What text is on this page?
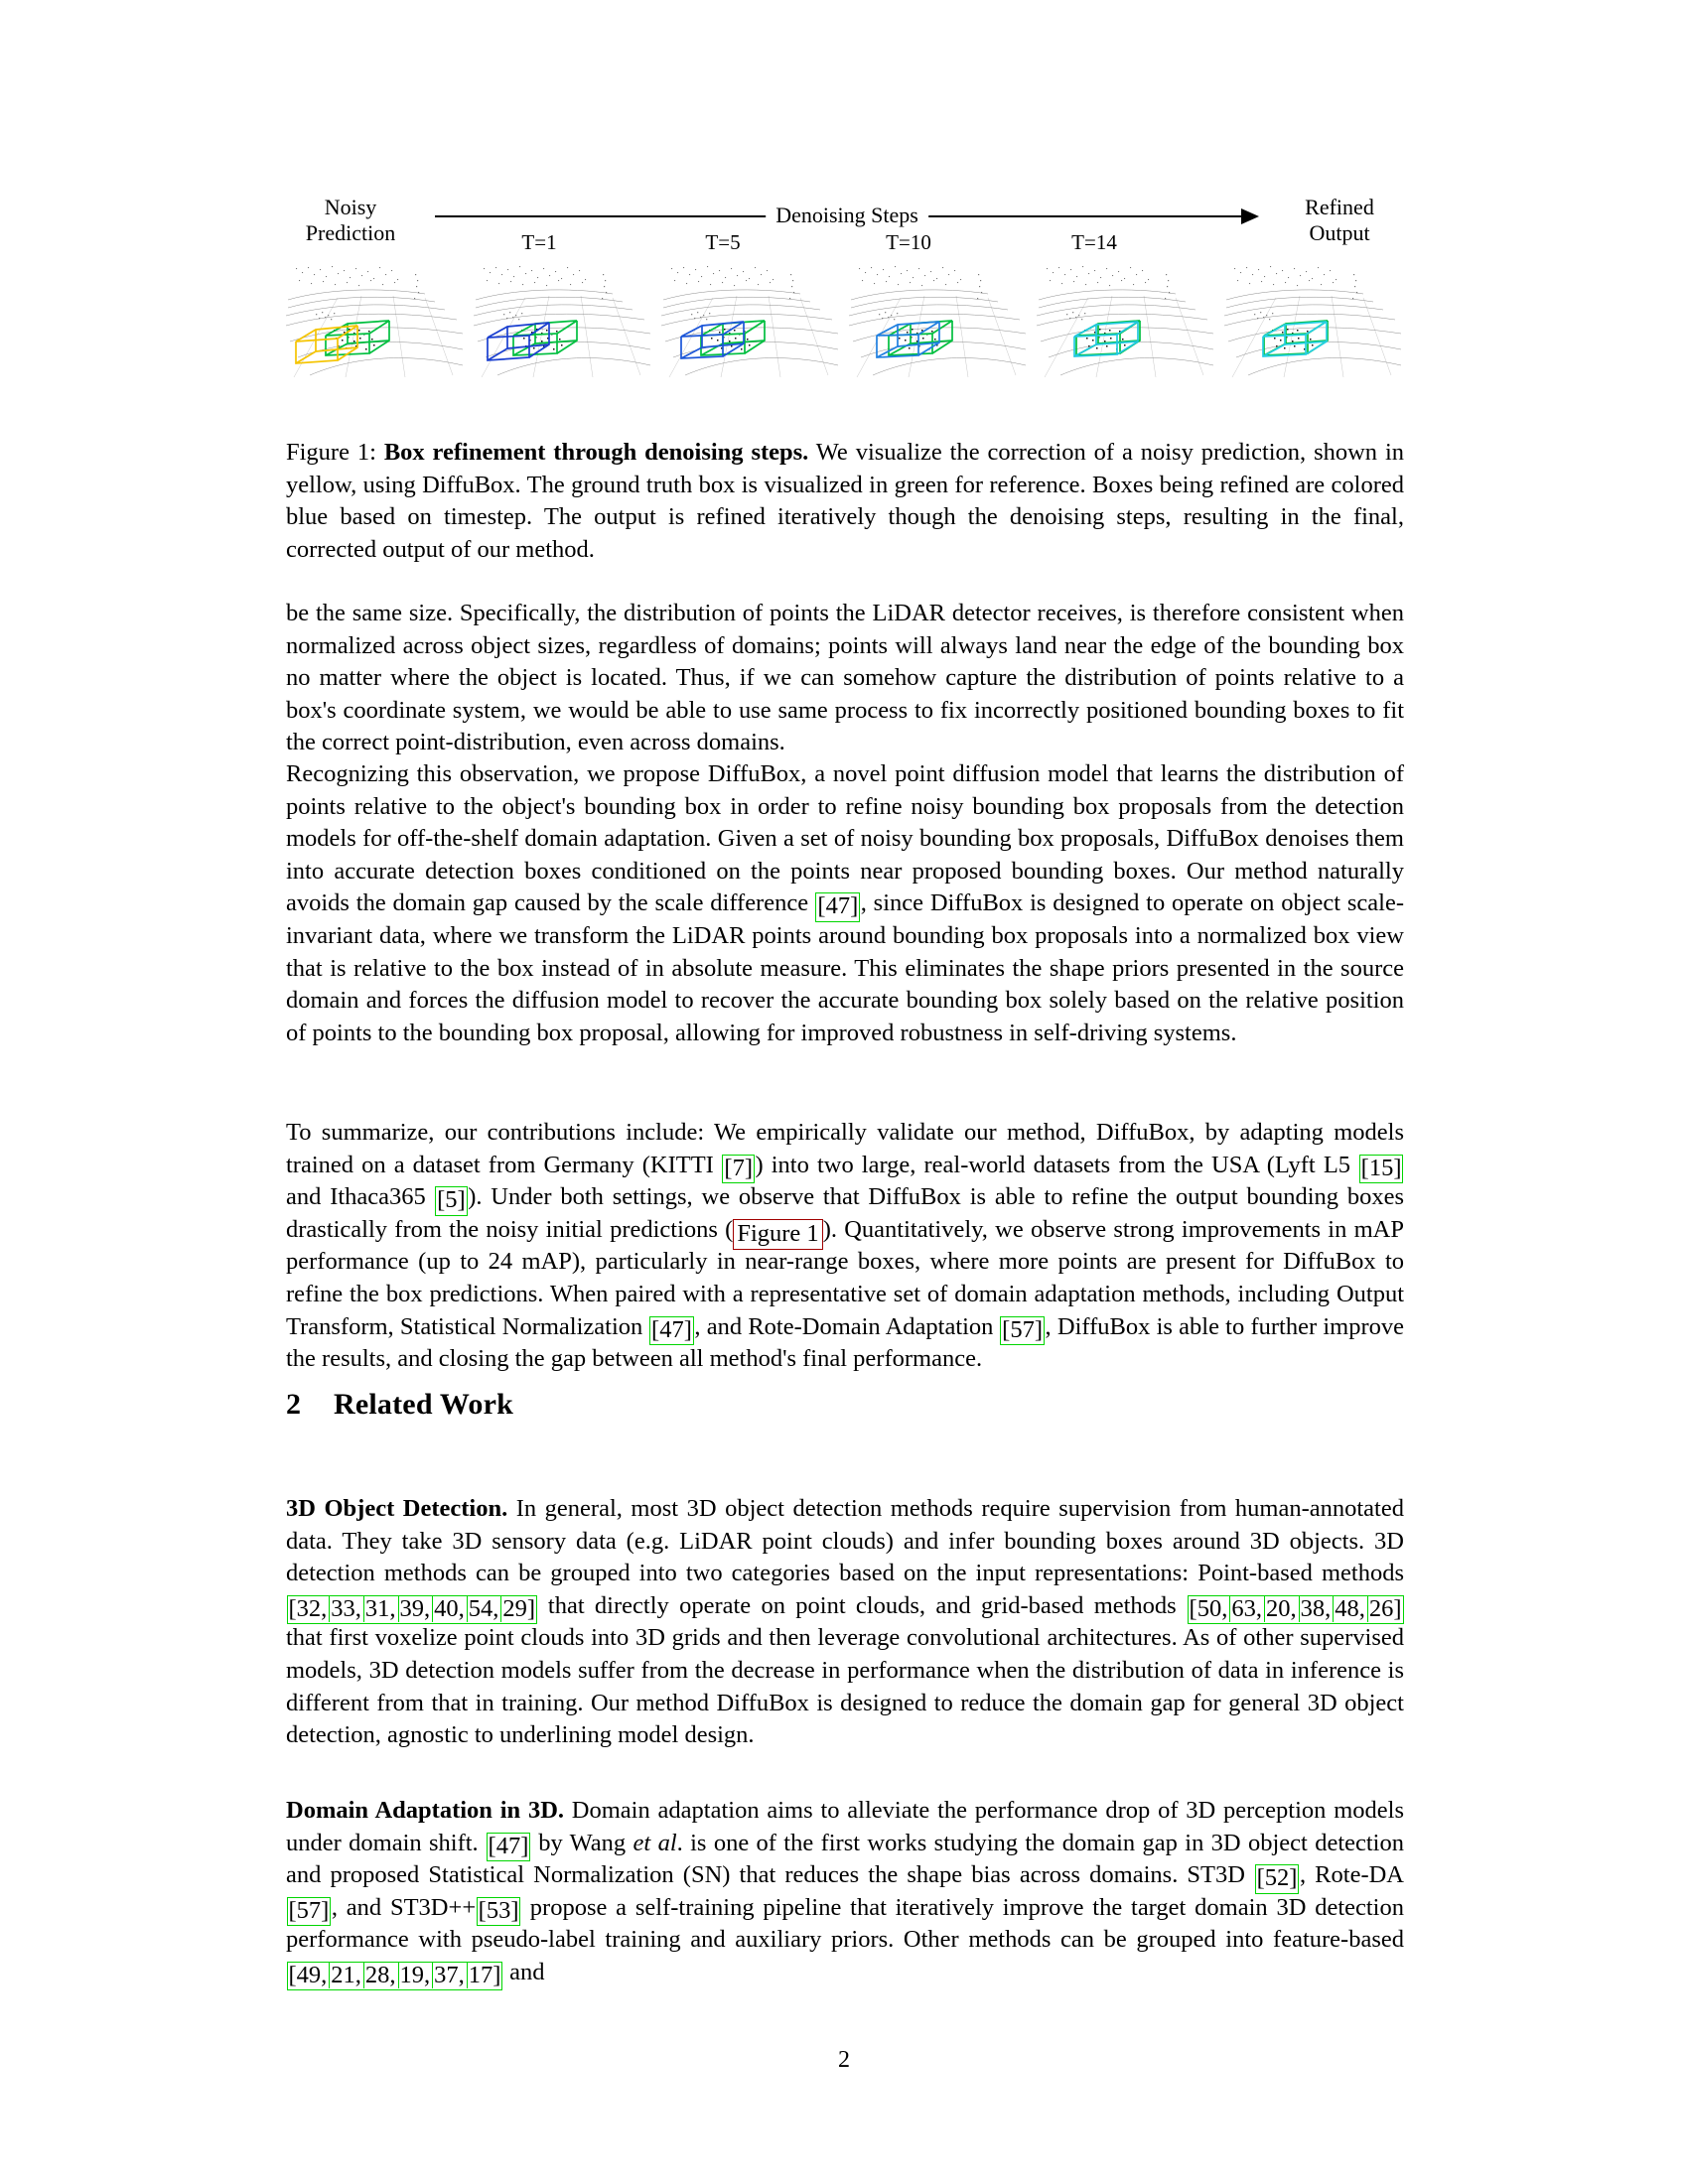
Noisy
Prediction
Denoising Steps
T=1	T=5	T=10	T=14
Refined
Output
Figure 1: Box refinement through denoising steps. We visualize the correction of a noisy prediction, shown in yellow, using DiffuBox. The ground truth box is visualized in green for reference. Boxes being refined are colored blue based on timestep. The output is refined iteratively though the denoising steps, resulting in the final, corrected output of our method.

be the same size. Specifically, the distribution of points the LiDAR detector receives, is therefore consistent when normalized across object sizes, regardless of domains; points will always land near the edge of the bounding box no matter where the object is located. Thus, if we can somehow capture the distribution of points relative to a box's coordinate system, we would be able to use same process to fix incorrectly positioned bounding boxes to fit the correct point-distribution, even across domains.

Recognizing this observation, we propose DiffuBox, a novel point diffusion model that learns the distribution of points relative to the object's bounding box in order to refine noisy bounding box proposals from the detection models for off-the-shelf domain adaptation. Given a set of noisy bounding box proposals, DiffuBox denoises them into accurate detection boxes conditioned on the points near proposed bounding boxes. Our method naturally avoids the domain gap caused by the scale difference [47] , since DiffuBox is designed to operate on object scale-invariant data, where we transform the LiDAR points around bounding box proposals into a normalized box view that is relative to the box instead of in absolute measure. This eliminates the shape priors presented in the source domain and forces the diffusion model to recover the accurate bounding box solely based on the relative position of points to the bounding box proposal, allowing for improved robustness in self-driving systems.

To summarize, our contributions include: We empirically validate our method, DiffuBox, by adapting models trained on a dataset from Germany (KITTI [7] ) into two large, real-world datasets from the USA (Lyft L5 [15] and Ithaca365 [5] ). Under both settings, we observe that DiffuBox is able to refine the output bounding boxes drastically from the noisy initial predictions ( Figure 1 ). Quantitatively, we observe strong improvements in mAP performance (up to 24 mAP), particularly in near-range boxes, where more points are present for DiffuBox to refine the box predictions. When paired with a representative set of domain adaptation methods, including Output Transform, Statistical Normalization [47] , and Rote-Domain Adaptation [57] , DiffuBox is able to further improve the results, and closing the gap between all method's final performance.

2 Related Work

3D Object Detection. In general, most 3D object detection methods require supervision from human-annotated data. They take 3D sensory data (e.g. LiDAR point clouds) and infer bounding boxes around 3D objects. 3D detection methods can be grouped into two categories based on the input representations: Point-based methods [32, 33, 31, 39, 40, 54, 29] that directly operate on point clouds, and grid-based methods [50, 63, 20, 38, 48, 26] that first voxelize point clouds into 3D grids and then leverage convolutional architectures. As of other supervised models, 3D detection models suffer from the decrease in performance when the distribution of data in inference is different from that in training. Our method DiffuBox is designed to reduce the domain gap for general 3D object detection, agnostic to underlining model design.

Domain Adaptation in 3D. Domain adaptation aims to alleviate the performance drop of 3D perception models under domain shift. [47] by Wang et al. is one of the first works studying the domain gap in 3D object detection and proposed Statistical Normalization (SN) that reduces the shape bias across domains. ST3D [52] , Rote-DA [57] , and ST3D++ [53] propose a self-training pipeline that iteratively improve the target domain 3D detection performance with pseudo-label training and auxiliary priors. Other methods can be grouped into feature-based [49, 21, 28, 19, 37, 17] and

2
